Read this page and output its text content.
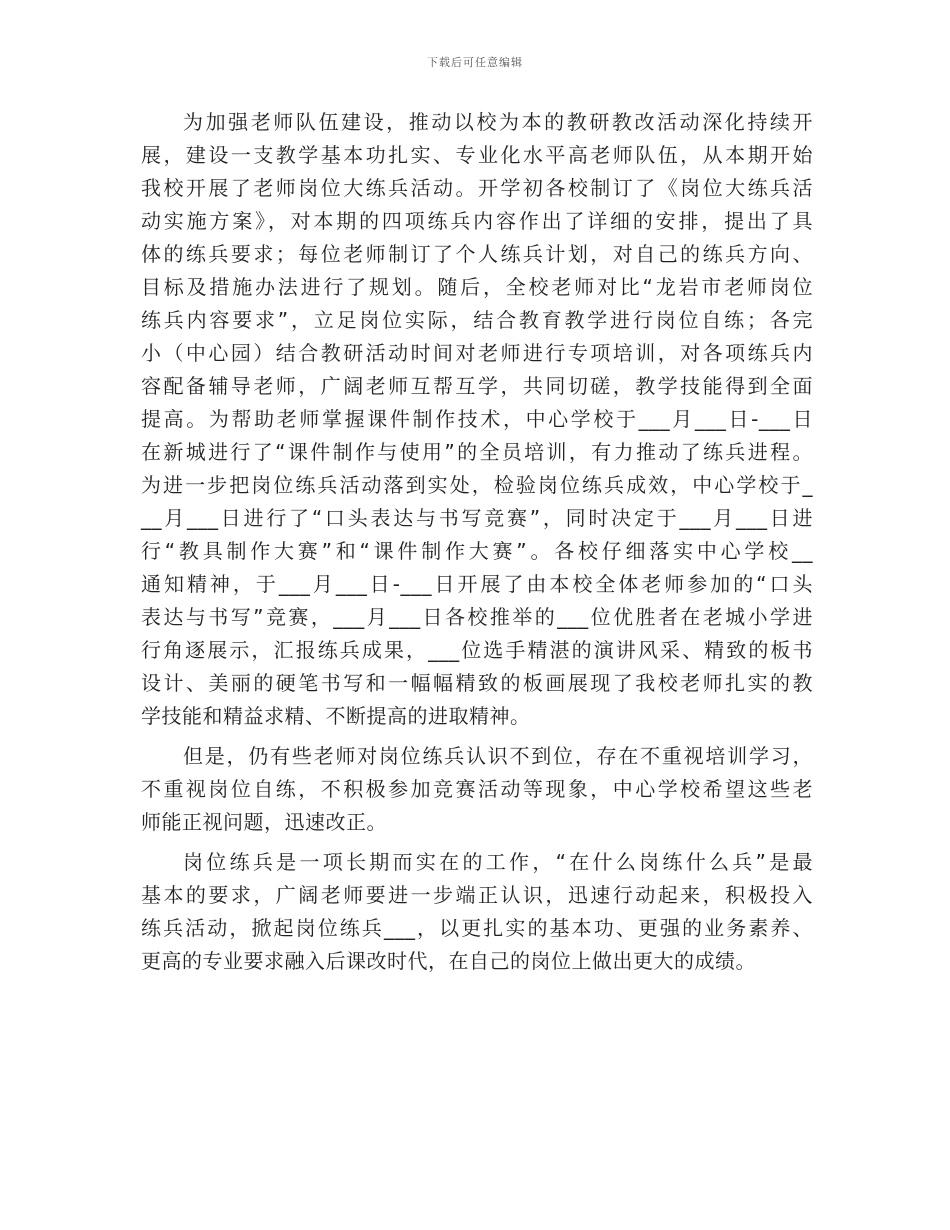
下载后可任意编辑
为加强老师队伍建设，推动以校为本的教研教改活动深化持续开
展，建设一支教学基本功扎实、专业化水平高老师队伍，从本期开始
我校开展了老师岗位大练兵活动。开学初各校制订了《岗位大练兵活
动实施方案》，对本期的四项练兵内容作出了详细的安排，提出了具
体的练兵要求；每位老师制订了个人练兵计划，对自己的练兵方向、
目标及措施办法进行了规划。随后，全校老师对比“龙岩市老师岗位
练兵内容要求”，立足岗位实际，结合教育教学进行岗位自练；各完
小（中心园）结合教研活动时间对老师进行专项培训，对各项练兵内
容配备辅导老师，广阔老师互帮互学，共同切磋，教学技能得到全面
提高。为帮助老师掌握课件制作技术，中心学校于___月___日-___日
在新城进行了“课件制作与使用”的全员培训，有力推动了练兵进程。
为进一步把岗位练兵活动落到实处，检验岗位练兵成效，中心学校于_
__月___日进行了“口头表达与书写竞赛”，同时决定于___月___日进
行“教具制作大赛”和“课件制作大赛”。各校仔细落实中心学校__
通知精神，于___月___日-___日开展了由本校全体老师参加的“口头
表达与书写”竞赛，___月___日各校推举的___位优胜者在老城小学进
行角逐展示，汇报练兵成果，___位选手精湛的演讲风采、精致的板书
设计、美丽的硬笔书写和一幅幅精致的板画展现了我校老师扎实的教
学技能和精益求精、不断提高的进取精神。
但是，仍有些老师对岗位练兵认识不到位，存在不重视培训学习，
不重视岗位自练，不积极参加竞赛活动等现象，中心学校希望这些老
师能正视问题，迅速改正。
岗位练兵是一项长期而实在的工作，“在什么岗练什么兵”是最
基本的要求，广阔老师要进一步端正认识，迅速行动起来，积极投入
练兵活动，掀起岗位练兵___，以更扎实的基本功、更强的业务素养、
更高的专业要求融入后课改时代，在自己的岗位上做出更大的成绩。
